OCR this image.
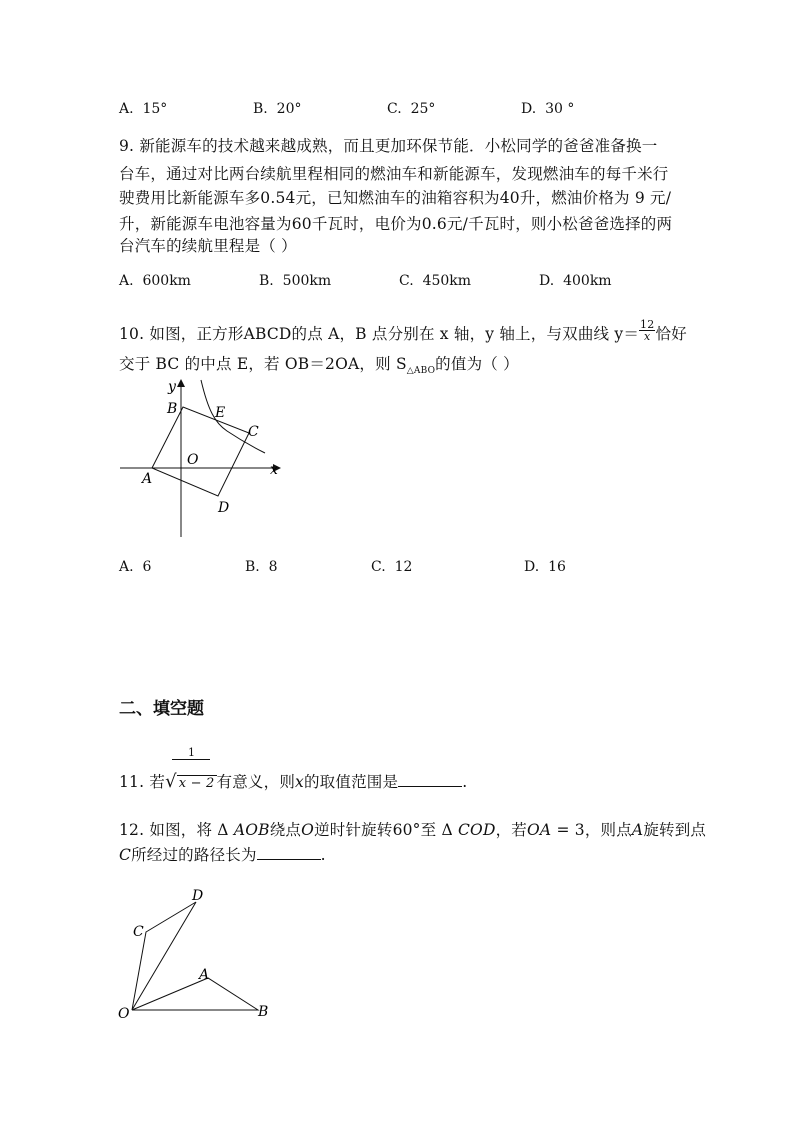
A. 15°	B. 20°	C. 25°	D. 30 °
9. 新能源车的技术越来越成熟，而且更加环保节能．小松同学的爸爸准备换一
台车，通过对比两台续航里程相同的燃油车和新能源车，发现燃油车的每千米行
驶费用比新能源车多0.54元，已知燃油车的油箱容积为40升，燃油价格为 9 元/
升，新能源车电池容量为60千瓦时，电价为0.6元/千瓦时，则小松爸爸选择的两
台汽车的续航里程是（ ）
A. 600km	B. 500km	C. 450km	D. 400km
10. 如图，正方形ABCD的点 A，B 点分别在 x 轴，y 轴上，与双曲线 $y= \frac{12}{x}$ 恰好
交于 BC 的中点 E，若 OB＝2OA，则 $S_{\triangle ABO}$的值为（ ）
y
x
B	E
C
O
A
D
A. 6	B. 8	C. 12	D. 16
二、填空题
1
11. 若√ x − 2 有意义，则x的取值范围是	.
12. 如图，将 Δ AOB绕点O逆时针旋转60°至 Δ COD，若OA = 3，则点A旋转到点
C所经过的路径长为	.
D
C
A
O	B
